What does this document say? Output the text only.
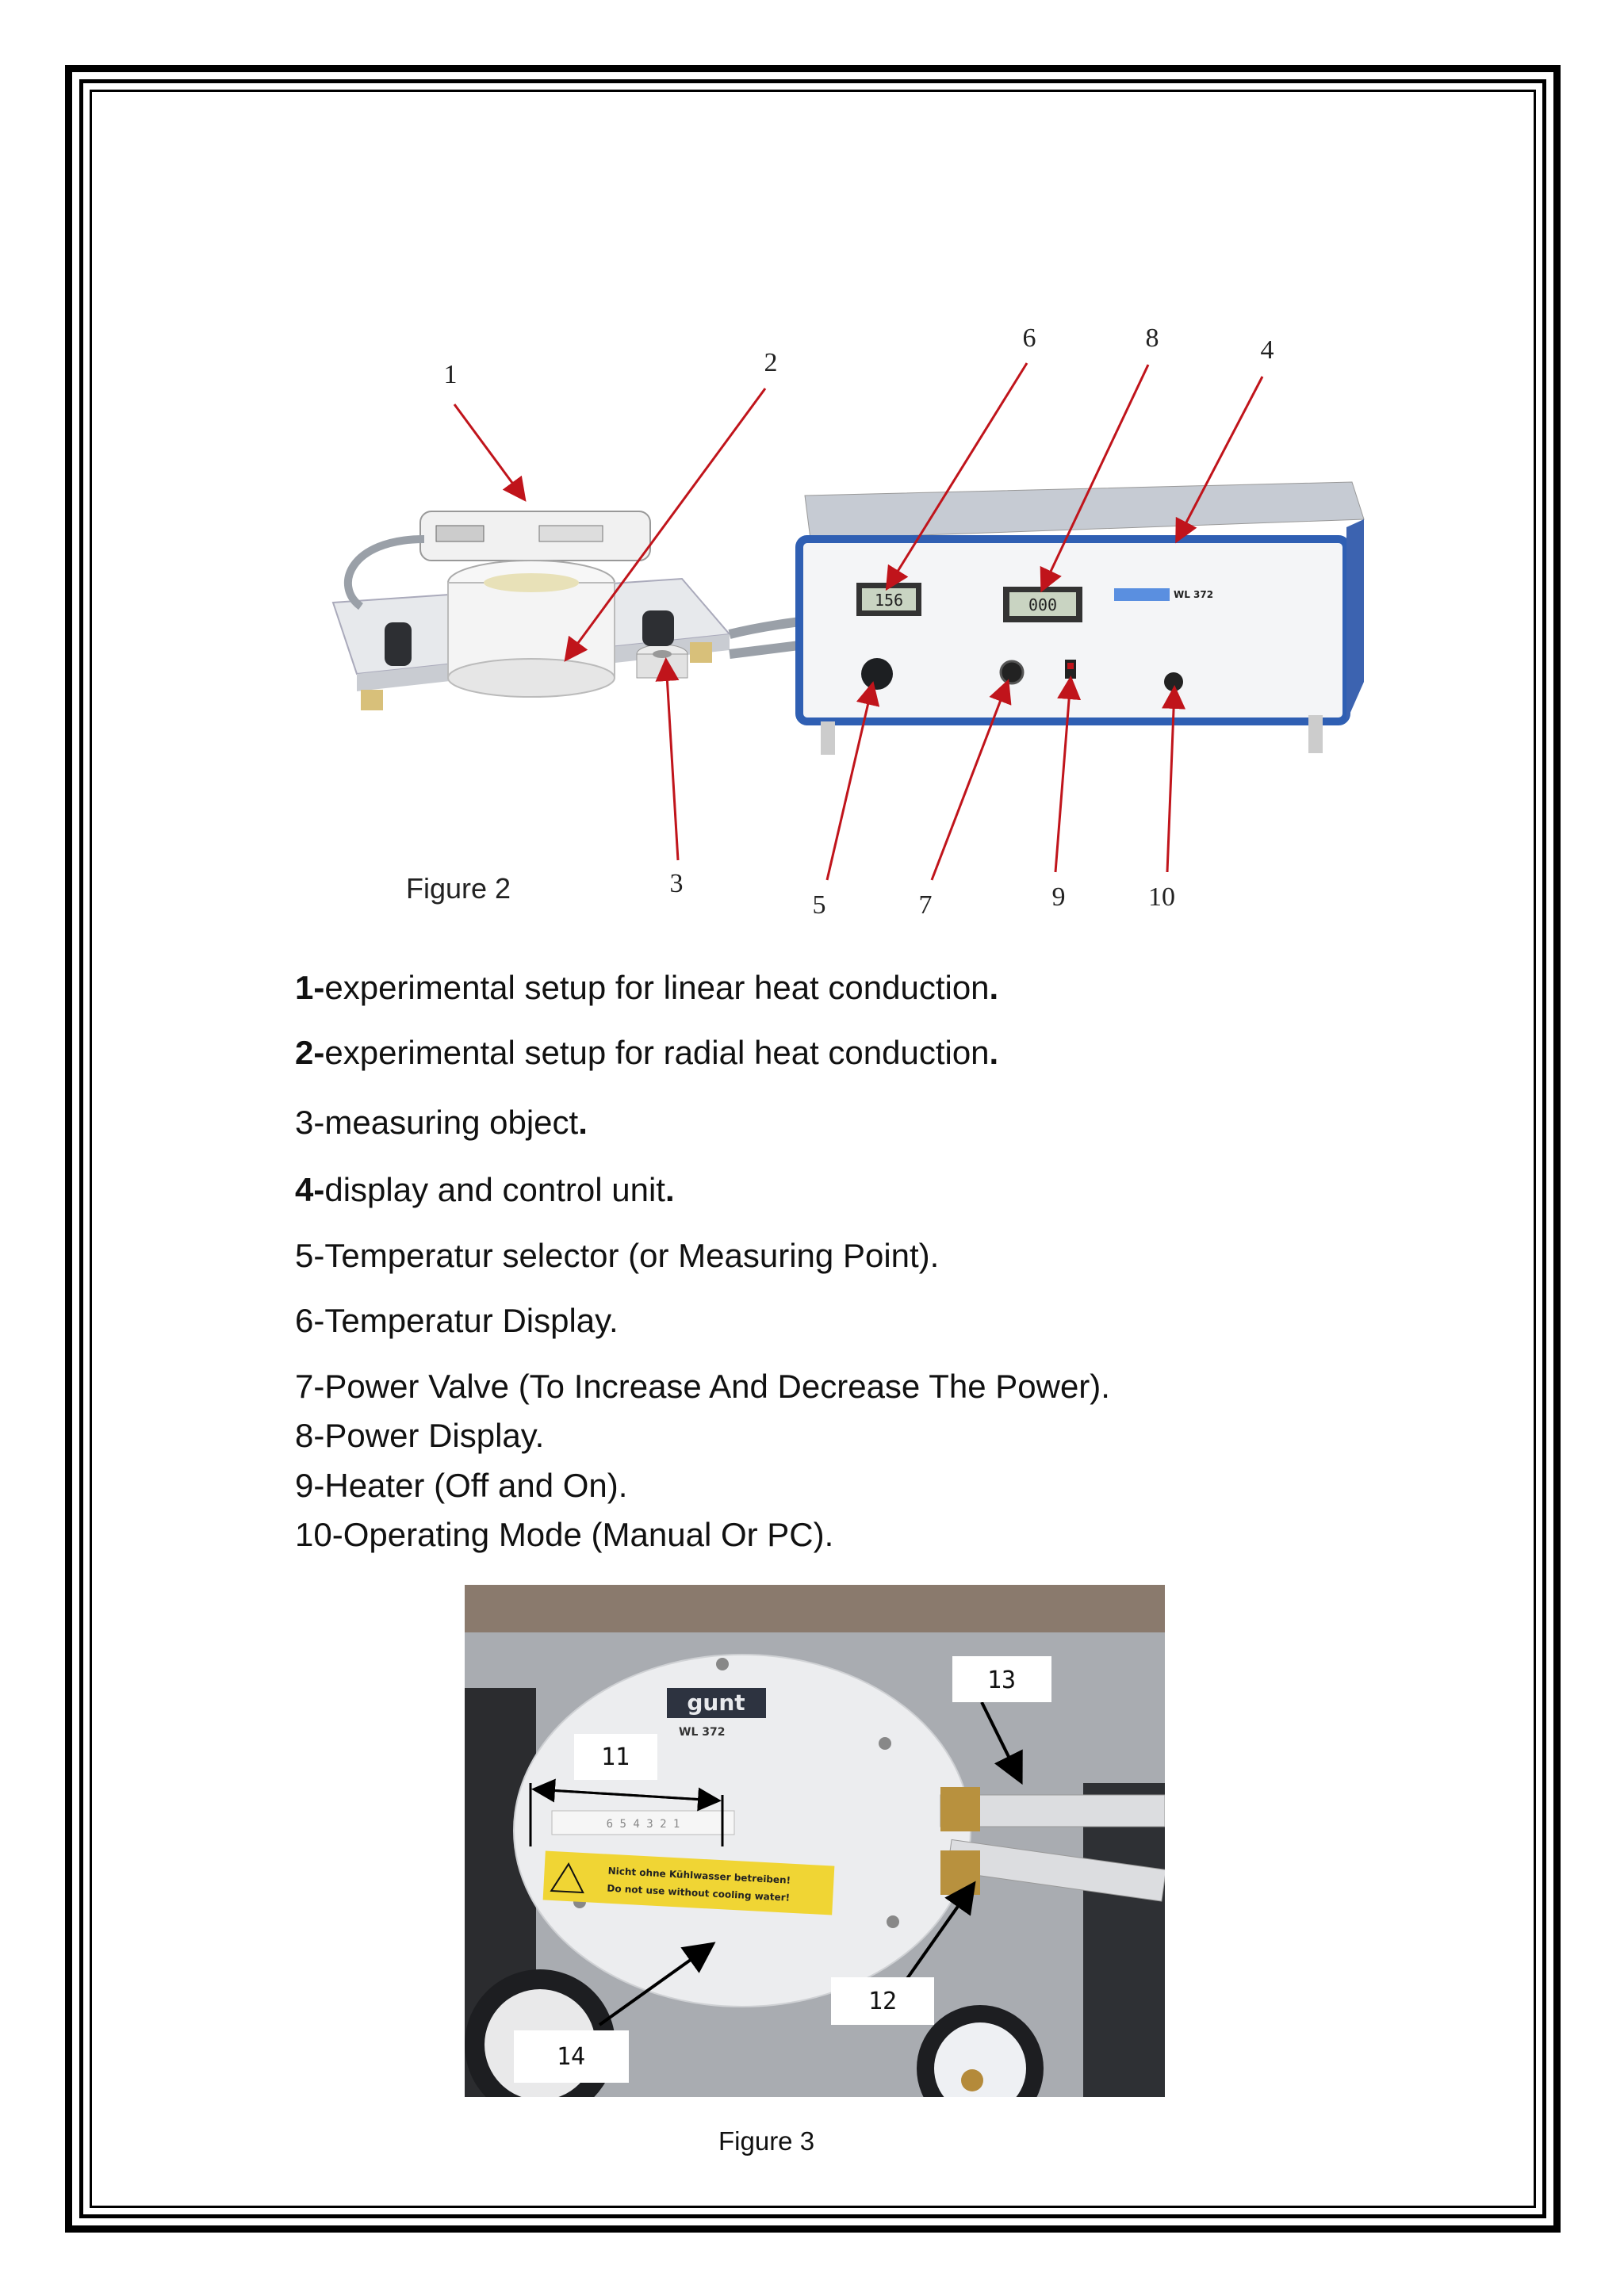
156	000
WL 372
1	2
3
4
5
6
7
8
9	10
Figure 2
1-experimental setup for linear heat conduction.
2-experimental setup for radial heat conduction.
3-measuring object.
4-display and control unit.
5-Temperatur selector (or Measuring Point).
6-Temperatur Display.
7-Power Valve (To Increase And Decrease The Power).
8-Power Display.
9-Heater (Off and On).
10-Operating Mode (Manual Or PC).
gunt
WL 372
6 5 4 3 2 1
Nicht ohne Kühlwasser betreiben!
Do not use without cooling water!
11
12
13
14
Figure 3
